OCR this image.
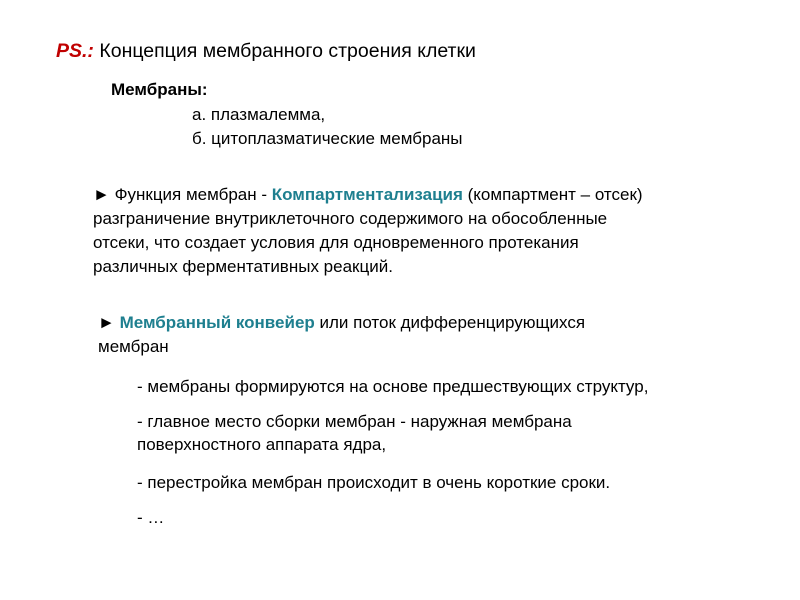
PS.: Концепция мембранного строения клетки
Мембраны:
а. плазмалемма,
б. цитоплазматические мембраны
► Функция мембран - Компартментализация (компартмент – отсек)
разграничение внутриклеточного содержимого на обособленные
отсеки, что создает условия для одновременного протекания
различных ферментативных реакций.
► Мембранный конвейер или поток дифференцирующихся
мембран
- мембраны формируются на основе предшествующих структур,
- главное место сборки мембран - наружная мембрана
поверхностного аппарата ядра,
- перестройка мембран происходит в очень короткие сроки.
- …
